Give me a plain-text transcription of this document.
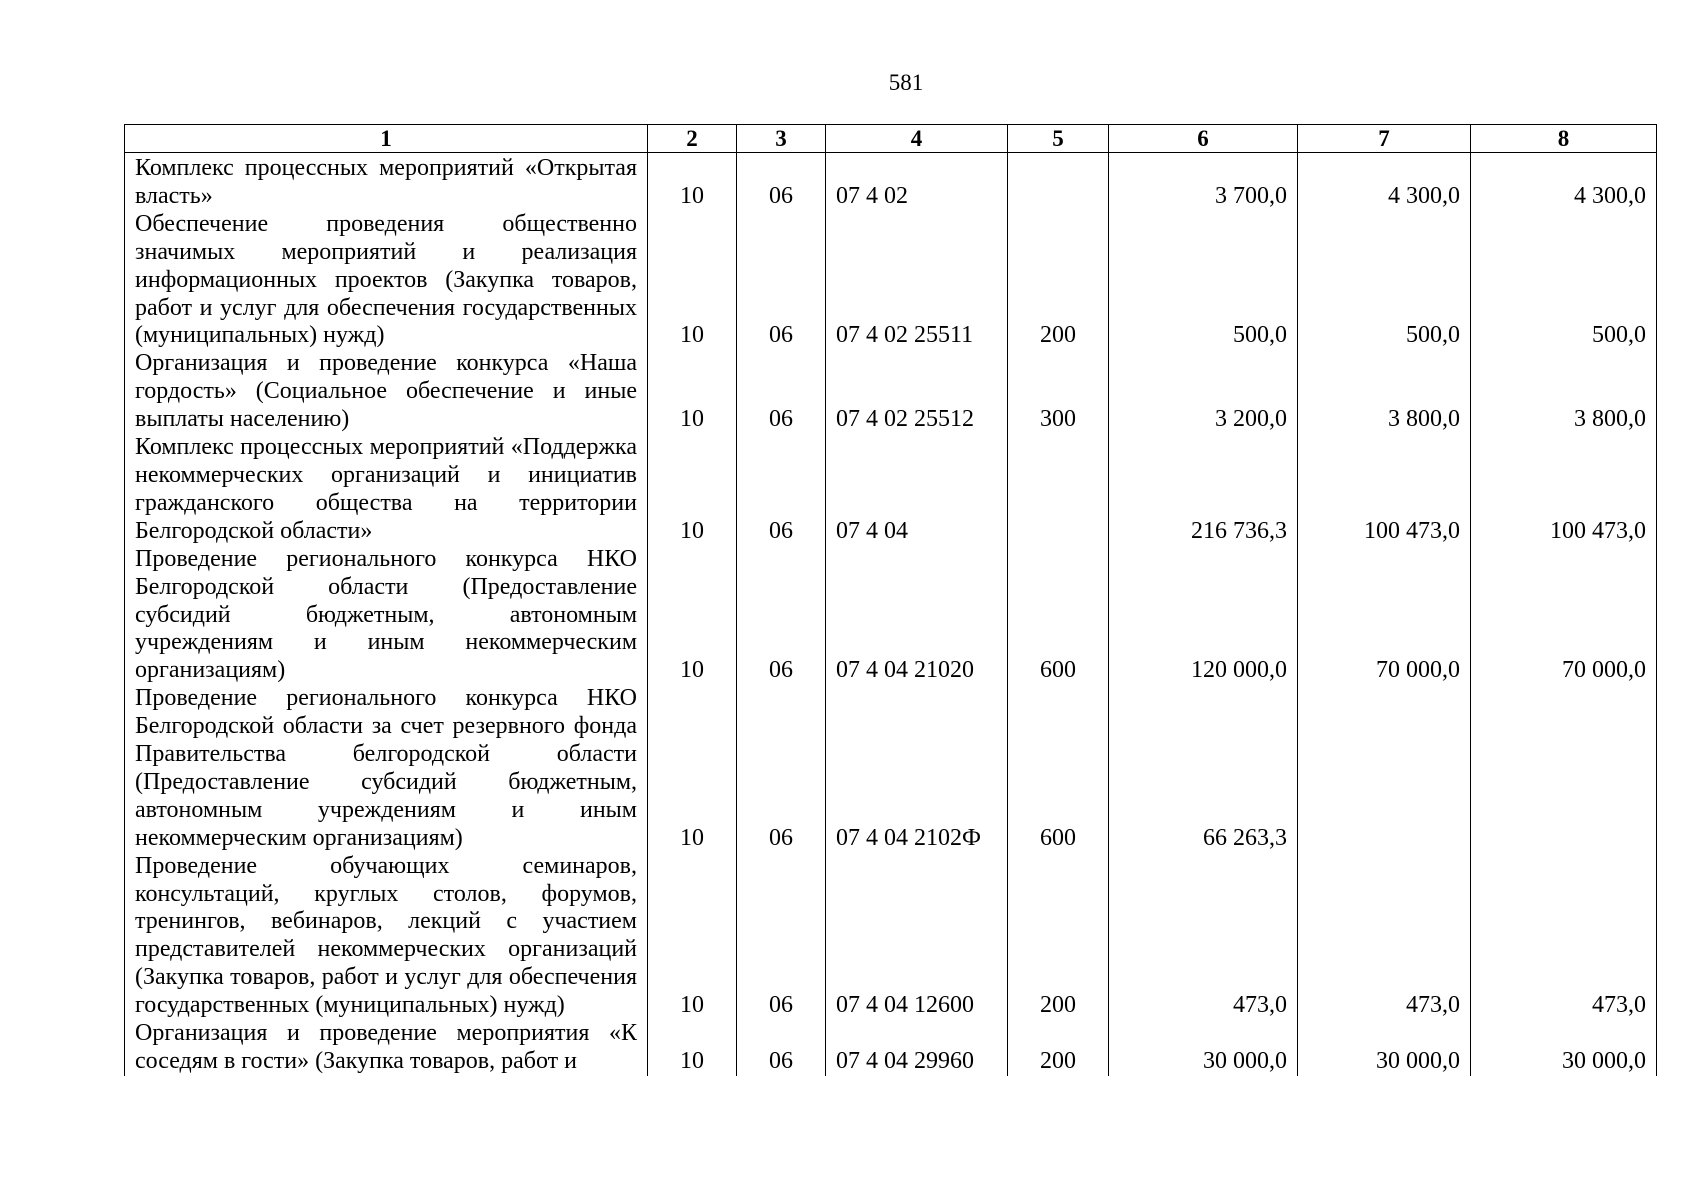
581
1	2	3	4	5	6	7	8
Комплекс процессных мероприятий «Открытая власть»	10	06	07 4 02		3 700,0	4 300,0	4 300,0
Обеспечение проведения общественно значимых мероприятий и реализация информационных проектов (Закупка товаров, работ и услуг для обеспечения государственных (муниципальных) нужд)	10	06	07 4 02 25511	200	500,0	500,0	500,0
Организация и проведение конкурса «Наша гордость» (Социальное обеспечение и иные выплаты населению)	10	06	07 4 02 25512	300	3 200,0	3 800,0	3 800,0
Комплекс процессных мероприятий «Поддержка некоммерческих организаций и инициатив гражданского общества на территории Белгородской области»	10	06	07 4 04		216 736,3	100 473,0	100 473,0
Проведение регионального конкурса НКО Белгородской области (Предоставление субсидий бюджетным, автономным учреждениям и иным некоммерческим организациям)	10	06	07 4 04 21020	600	120 000,0	70 000,0	70 000,0
Проведение регионального конкурса НКО Белгородской области за счет резервного фонда Правительства белгородской области (Предоставление субсидий бюджетным, автономным учреждениям и иным некоммерческим организациям)	10	06	07 4 04 2102Ф	600	66 263,3		
Проведение обучающих семинаров, консультаций, круглых столов, форумов, тренингов, вебинаров, лекций с участием представителей некоммерческих организаций (Закупка товаров, работ и услуг для обеспечения государственных (муниципальных) нужд)	10	06	07 4 04 12600	200	473,0	473,0	473,0
Организация и проведение мероприятия «К соседям в гости» (Закупка товаров, работ и	10	06	07 4 04 29960	200	30 000,0	30 000,0	30 000,0
